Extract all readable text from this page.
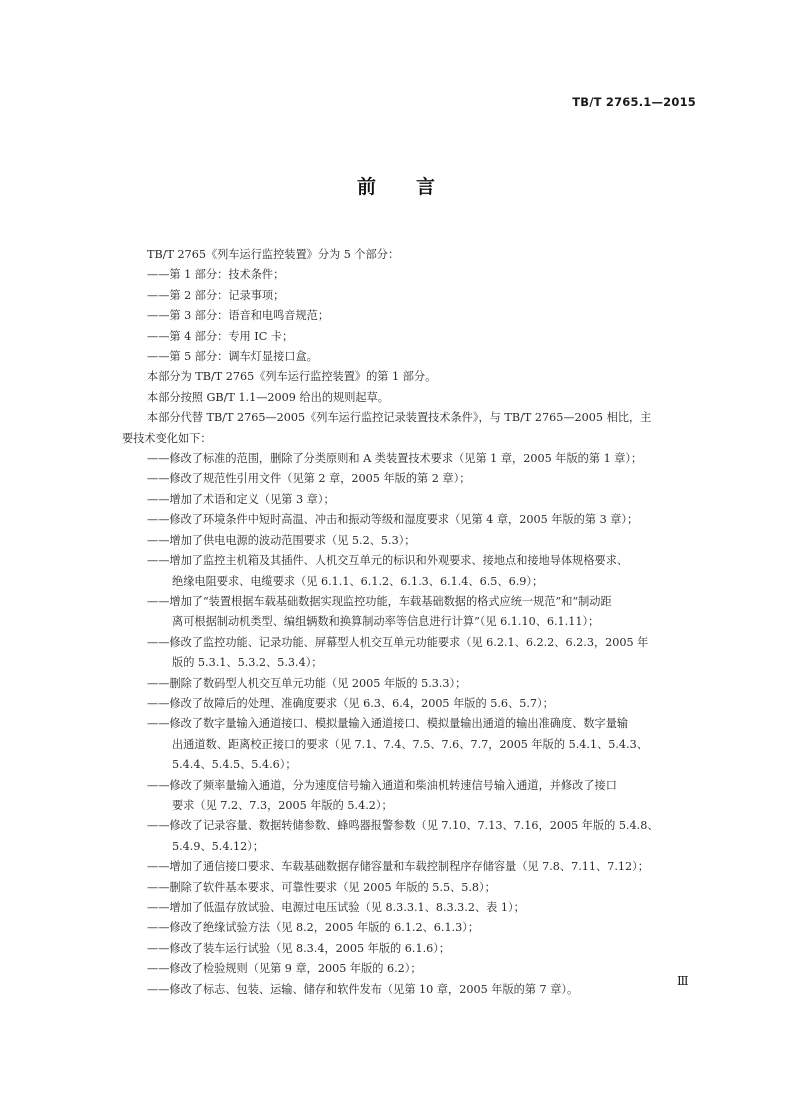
TB/T 2765.1—2015
前言

TB/T 2765《列车运行监控装置》分为 5 个部分：

——第 1 部分：技术条件；

——第 2 部分：记录事项；

——第 3 部分：语音和电鸣音规范；

——第 4 部分：专用 IC 卡；

——第 5 部分：调车灯显接口盒。

本部分为 TB/T 2765《列车运行监控装置》的第 1 部分。

本部分按照 GB/T 1.1—2009 给出的规则起草。

本部分代替 TB/T 2765—2005《列车运行监控记录装置技术条件》，与 TB/T 2765—2005 相比，主

要技术变化如下：

——修改了标准的范围，删除了分类原则和 A 类装置技术要求（见第 1 章，2005 年版的第 1 章）；

——修改了规范性引用文件（见第 2 章，2005 年版的第 2 章）；

——增加了术语和定义（见第 3 章）；

——修改了环境条件中短时高温、冲击和振动等级和湿度要求（见第 4 章，2005 年版的第 3 章）；

——增加了供电电源的波动范围要求（见 5.2、5.3）；

——增加了监控主机箱及其插件、人机交互单元的标识和外观要求、接地点和接地导体规格要求、

绝缘电阻要求、电缆要求（见 6.1.1、6.1.2、6.1.3、6.1.4、6.5、6.9）；

——增加了“装置根据车载基础数据实现监控功能，车载基础数据的格式应统一规范”和“制动距

离可根据制动机类型、编组辆数和换算制动率等信息进行计算”（见 6.1.10、6.1.11）；

——修改了监控功能、记录功能、屏幕型人机交互单元功能要求（见 6.2.1、6.2.2、6.2.3，2005 年

版的 5.3.1、5.3.2、5.3.4）；

——删除了数码型人机交互单元功能（见 2005 年版的 5.3.3）；

——修改了故障后的处理、准确度要求（见 6.3、6.4，2005 年版的 5.6、5.7）；

——修改了数字量输入通道接口、模拟量输入通道接口、模拟量输出通道的输出准确度、数字量输

出通道数、距离校正接口的要求（见 7.1、7.4、7.5、7.6、7.7，2005 年版的 5.4.1、5.4.3、

5.4.4、5.4.5、5.4.6）；

——修改了频率量输入通道，分为速度信号输入通道和柴油机转速信号输入通道，并修改了接口

要求（见 7.2、7.3，2005 年版的 5.4.2）；

——修改了记录容量、数据转储参数、蜂鸣器报警参数（见 7.10、7.13、7.16，2005 年版的 5.4.8、

5.4.9、5.4.12）；

——增加了通信接口要求、车载基础数据存储容量和车载控制程序存储容量（见 7.8、7.11、7.12）；

——删除了软件基本要求、可靠性要求（见 2005 年版的 5.5、5.8）；

——增加了低温存放试验、电源过电压试验（见 8.3.3.1、8.3.3.2、表 1）；

——修改了绝缘试验方法（见 8.2，2005 年版的 6.1.2、6.1.3）；

——修改了装车运行试验（见 8.3.4，2005 年版的 6.1.6）；

——修改了检验规则（见第 9 章，2005 年版的 6.2）；

——修改了标志、包装、运输、储存和软件发布（见第 10 章，2005 年版的第 7 章）。

Ⅲ
